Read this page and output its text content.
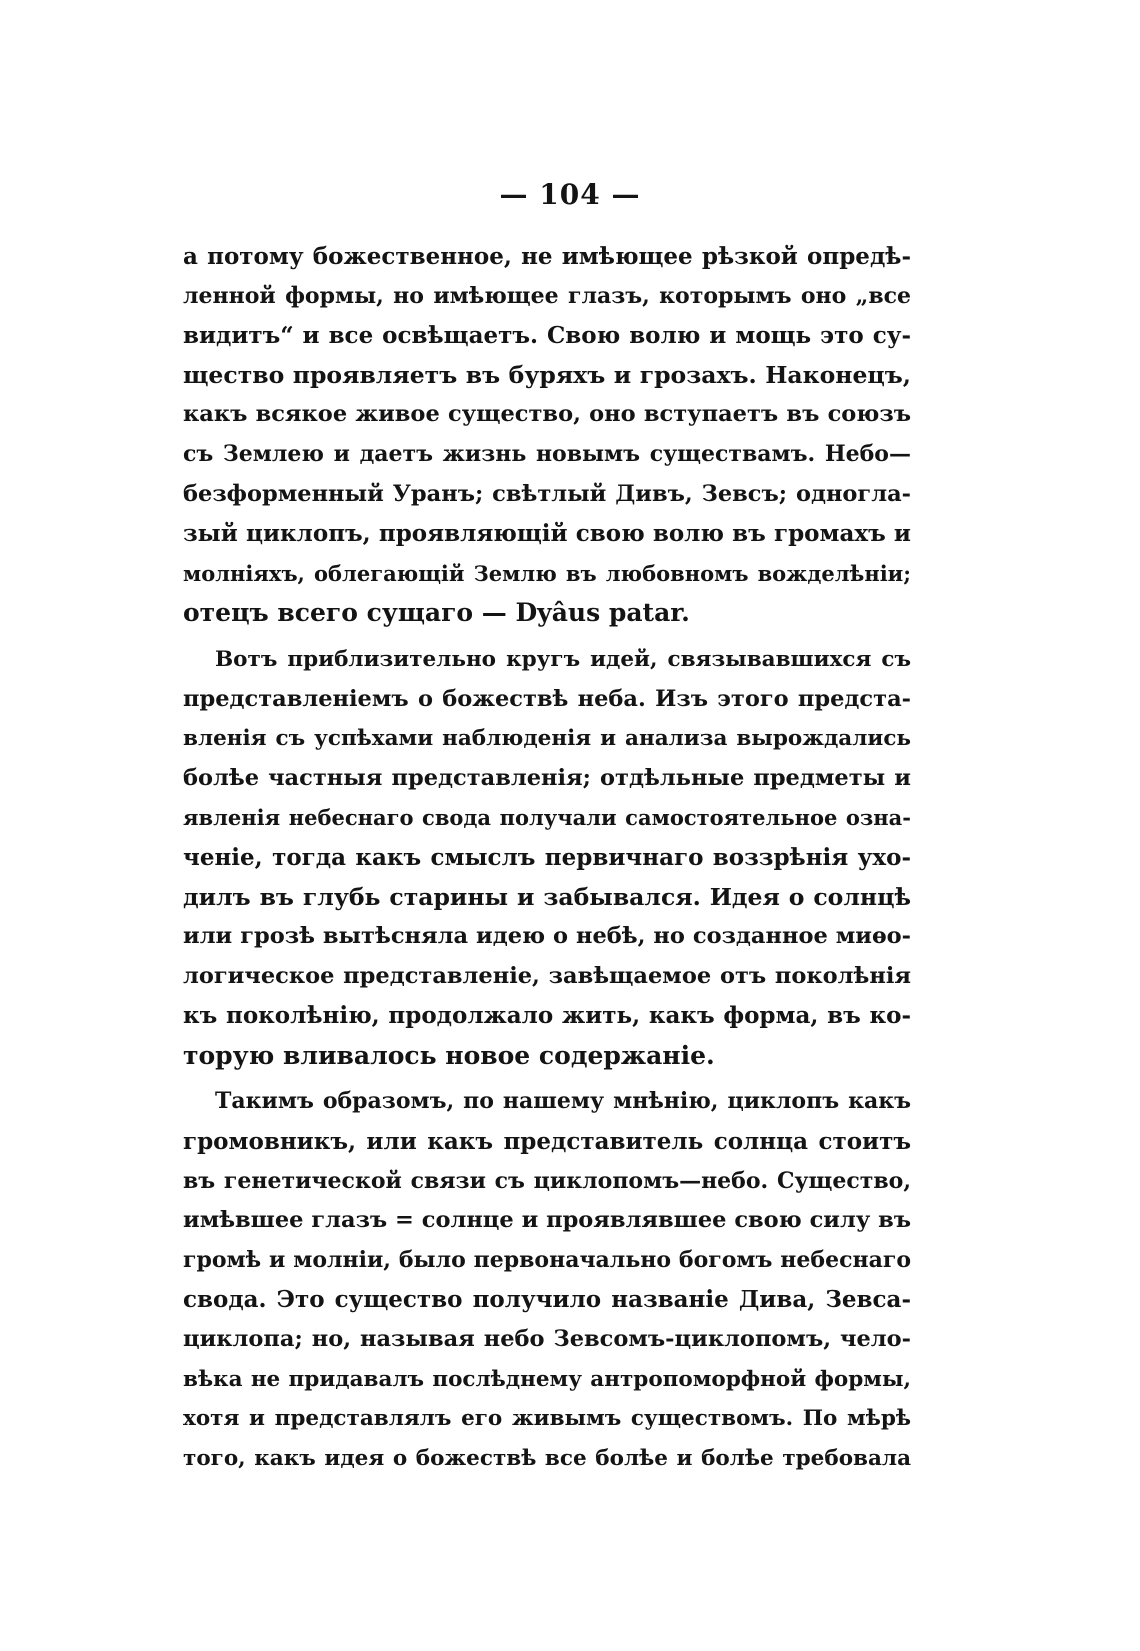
— 104 —
а потому божественное, не имѣющее рѣзкой опредѣ-
ленной формы, но имѣющее глазъ, которымъ оно „все
видитъ“ и все освѣщаетъ. Свою волю и мощь это су-
щество проявляетъ въ буряхъ и грозахъ. Наконецъ,
какъ всякое живое существо, оно вступаетъ въ союзъ
съ Землею и даетъ жизнь новымъ существамъ. Небо—
безформенный Уранъ; свѣтлый Дивъ, Зевсъ; одногла-
зый циклопъ, проявляющій свою волю въ громахъ и
молніяхъ, облегающій Землю въ любовномъ вожделѣніи;
отецъ всего сущаго — Dyâus patar.
Вотъ приблизительно кругъ идей, связывавшихся съ
представленіемъ о божествѣ неба. Изъ этого предста-
вленія съ успѣхами наблюденія и анализа вырождались
болѣе частныя представленія; отдѣльные предметы и
явленія небеснаго свода получали самостоятельное озна-
ченіе, тогда какъ смыслъ первичнаго воззрѣнія ухо-
дилъ въ глубь старины и забывался. Идея о солнцѣ
или грозѣ вытѣсняла идею о небѣ, но созданное миѳо-
логическое представленіе, завѣщаемое отъ поколѣнія
къ поколѣнію, продолжало жить, какъ форма, въ ко-
торую вливалось новое содержаніе.
Такимъ образомъ, по нашему мнѣнію, циклопъ какъ
громовникъ, или какъ представитель солнца стоитъ
въ генетической связи съ циклопомъ—небо. Существо,
имѣвшее глазъ = солнце и проявлявшее свою силу въ
громѣ и молніи, было первоначально богомъ небеснаго
свода. Это существо получило названіе Дива, Зевса-
циклопа; но, называя небо Зевсомъ-циклопомъ, чело-
вѣка не придавалъ послѣднему антропоморфной формы,
хотя и представлялъ его живымъ существомъ. По мѣрѣ
того, какъ идея о божествѣ все болѣе и болѣе требовала
